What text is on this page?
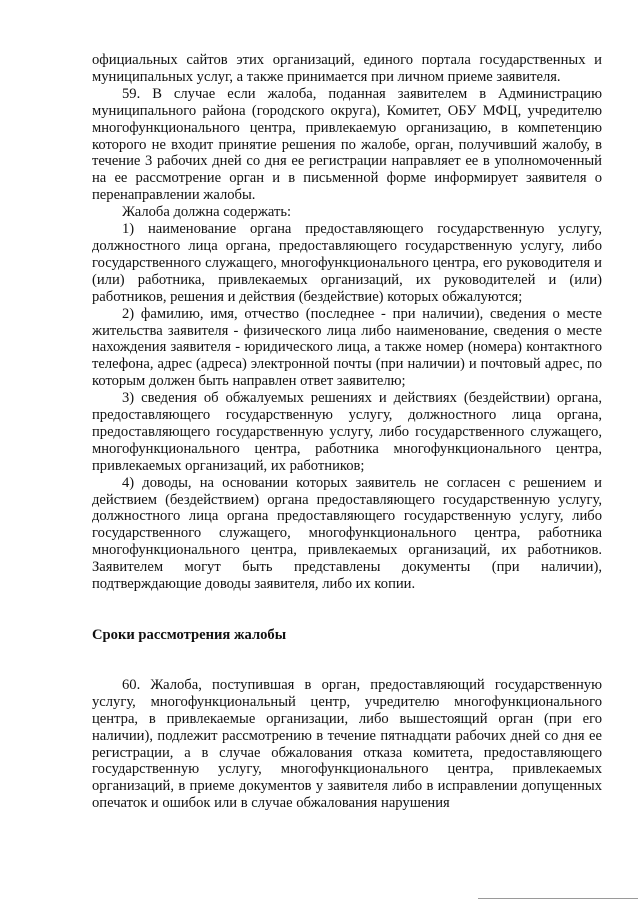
официальных сайтов этих организаций, единого портала государственных и муниципальных услуг, а также принимается при личном приеме заявителя.

59. В случае если жалоба, поданная заявителем в Администрацию муниципального района (городского округа), Комитет, ОБУ МФЦ, учредителю многофункционального центра, привлекаемую организацию, в компетенцию которого не входит принятие решения по жалобе, орган, получивший жалобу, в течение 3 рабочих дней со дня ее регистрации направляет ее в уполномоченный на ее рассмотрение орган и в письменной форме информирует заявителя о перенаправлении жалобы.

Жалоба должна содержать:

1) наименование органа предоставляющего государственную услугу, должностного лица органа, предоставляющего государственную услугу, либо государственного служащего, многофункционального центра, его руководителя и (или) работника, привлекаемых организаций, их руководителей и (или) работников, решения и действия (бездействие) которых обжалуются;

2) фамилию, имя, отчество (последнее - при наличии), сведения о месте жительства заявителя - физического лица либо наименование, сведения о месте нахождения заявителя - юридического лица, а также номер (номера) контактного телефона, адрес (адреса) электронной почты (при наличии) и почтовый адрес, по которым должен быть направлен ответ заявителю;

3) сведения об обжалуемых решениях и действиях (бездействии) органа, предоставляющего государственную услугу, должностного лица органа, предоставляющего государственную услугу, либо государственного служащего, многофункционального центра, работника многофункционального центра, привлекаемых организаций, их работников;

4) доводы, на основании которых заявитель не согласен с решением и действием (бездействием) органа предоставляющего государственную услугу, должностного лица органа предоставляющего государственную услугу, либо государственного служащего, многофункционального центра, работника многофункционального центра, привлекаемых организаций, их работников. Заявителем могут быть представлены документы (при наличии), подтверждающие доводы заявителя, либо их копии.

Сроки рассмотрения жалобы

60. Жалоба, поступившая в орган, предоставляющий государственную услугу, многофункциональный центр, учредителю многофункционального центра, в привлекаемые организации, либо вышестоящий орган (при его наличии), подлежит рассмотрению в течение пятнадцати рабочих дней со дня ее регистрации, а в случае обжалования отказа комитета, предоставляющего государственную услугу, многофункционального центра, привлекаемых организаций, в приеме документов у заявителя либо в исправлении допущенных опечаток и ошибок или в случае обжалования нарушения
